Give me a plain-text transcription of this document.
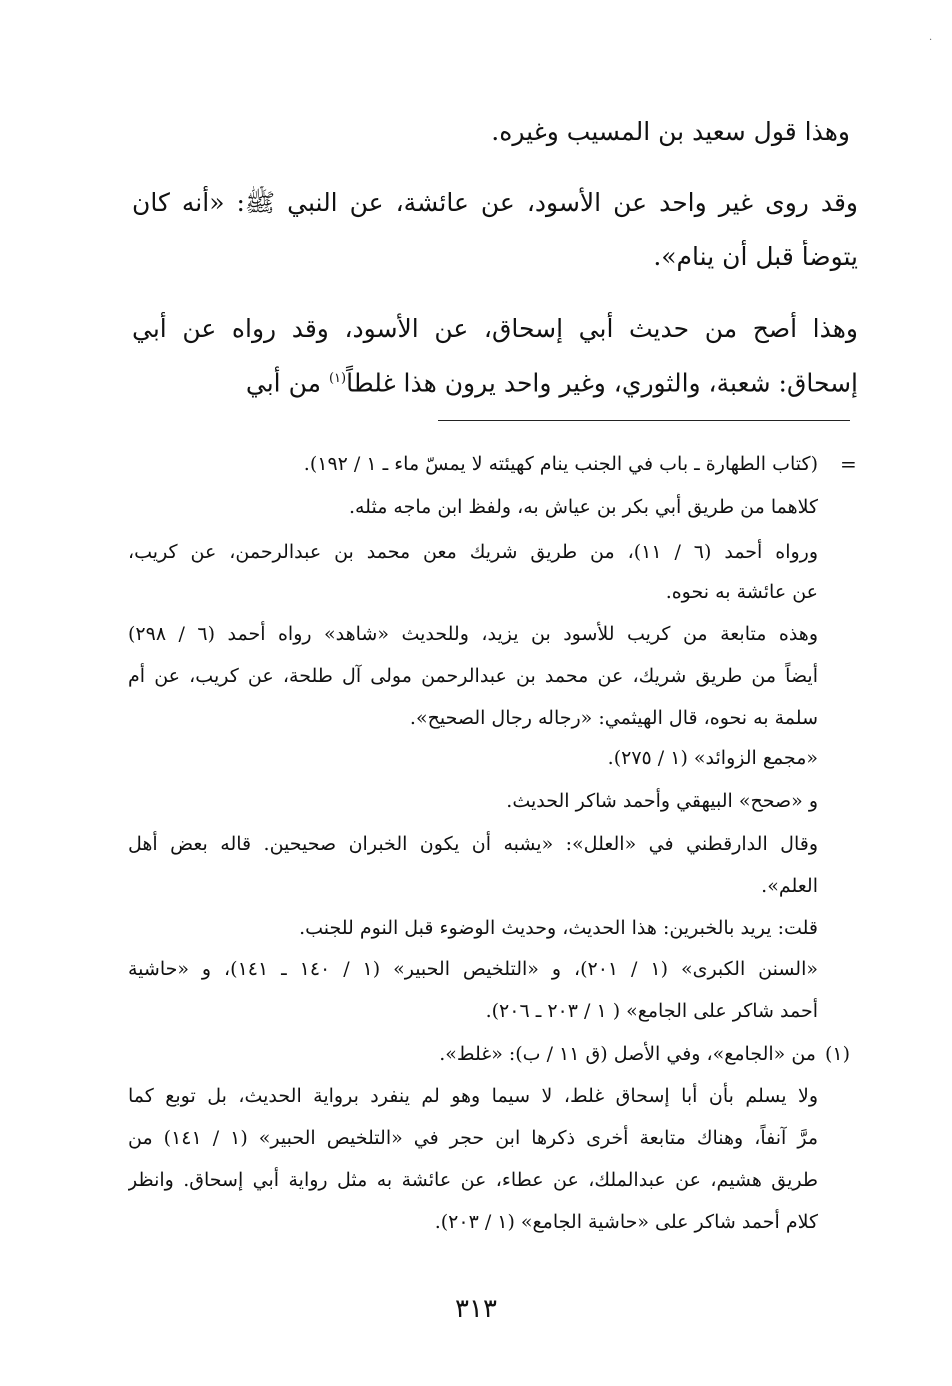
.
وهذا قول سعيد بن المسيب وغيره.
وقد روى غير واحد عن الأسود، عن عائشة، عن النبي ﷺ: «أنه كان
يتوضأ قبل أن ينام».
وهذا أصح من حديث أبي إسحاق، عن الأسود، وقد رواه عن أبي
إسحاق: شعبة، والثوري، وغير واحد يرون هذا غلطاً$^{(١)}$ من أبي
=
(كتاب الطهارة ـ باب في الجنب ينام كهيئته لا يمسّ ماء ـ ١ / ١٩٢).
كلاهما من طريق أبي بكر بن عياش به، ولفظ ابن ماجه مثله.
ورواه أحمد (٦ / ١١)، من طريق شريك معن محمد بن عبدالرحمن، عن كريب،
عن عائشة به نحوه.
وهذه متابعة من كريب للأسود بن يزيد، وللحديث «شاهد» رواه أحمد (٦ / ٢٩٨)
أيضاً من طريق شريك، عن محمد بن عبدالرحمن مولى آل طلحة، عن كريب، عن أم
سلمة به نحوه، قال الهيثمي: «رجاله رجال الصحيح».
«مجمع الزوائد» (١ / ٢٧٥).
و «صحح» البيهقي وأحمد شاكر الحديث.
وقال الدارقطني في «العلل»: «يشبه أن يكون الخبران صحيحين. قاله بعض أهل
العلم».
قلت: يريد بالخبرين: هذا الحديث، وحديث الوضوء قبل النوم للجنب.
«السنن الكبرى» (١ / ٢٠١)، و «التلخيص الحبير» (١ / ١٤٠ ـ ١٤١)، و «حاشية
أحمد شاكر على الجامع» ( ١ / ٢٠٣ ـ ٢٠٦).
(١)
من «الجامع»، وفي الأصل (ق ١١ / ب): «غلط».
ولا يسلم بأن أبا إسحاق غلط، لا سيما وهو لم ينفرد برواية الحديث، بل توبع كما
مرَّ آنفاً، وهناك متابعة أخرى ذكرها ابن حجر في «التلخيص الحبير» (١ / ١٤١) من
طريق هشيم، عن عبدالملك، عن عطاء، عن عائشة به مثل رواية أبي إسحاق. وانظر
كلام أحمد شاكر على «حاشية الجامع» (١ / ٢٠٣).
٣١٣
